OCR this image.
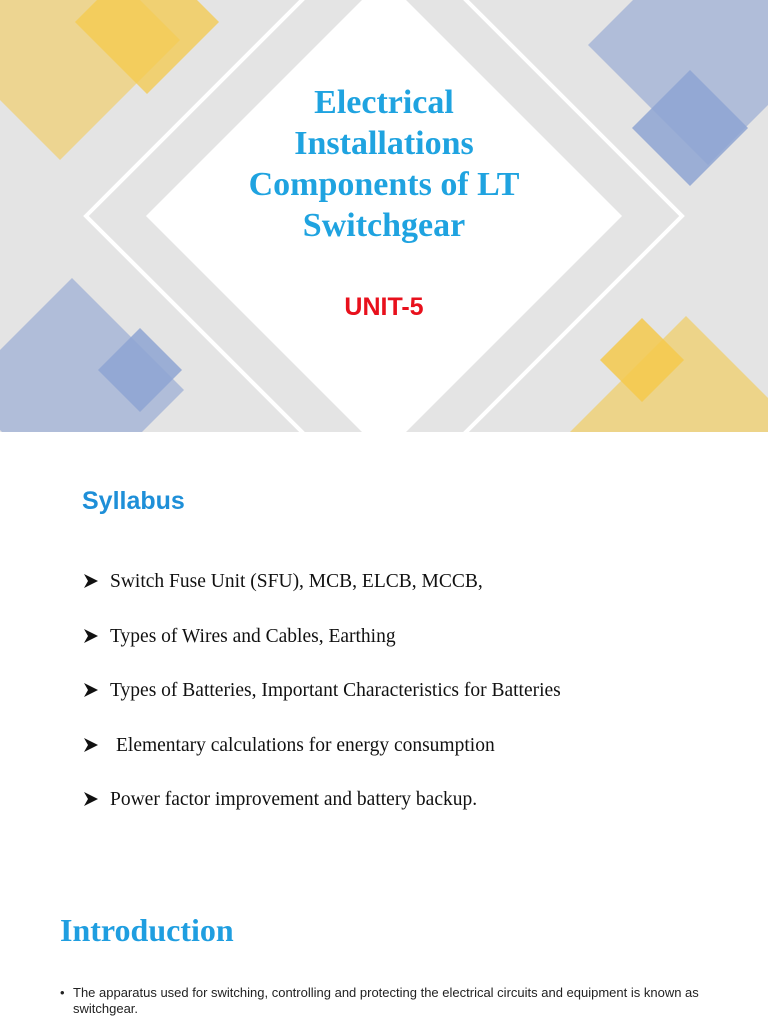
Electrical
Installations
Components of LT
Switchgear
UNIT-5
Syllabus
Switch Fuse Unit (SFU), MCB, ELCB, MCCB,
Types of Wires and Cables, Earthing
Types of Batteries, Important Characteristics for Batteries
Elementary calculations for energy consumption
Power factor improvement and battery backup.
Introduction
• The apparatus used for switching, controlling and protecting the electrical circuits and equipment is known as switchgear.
